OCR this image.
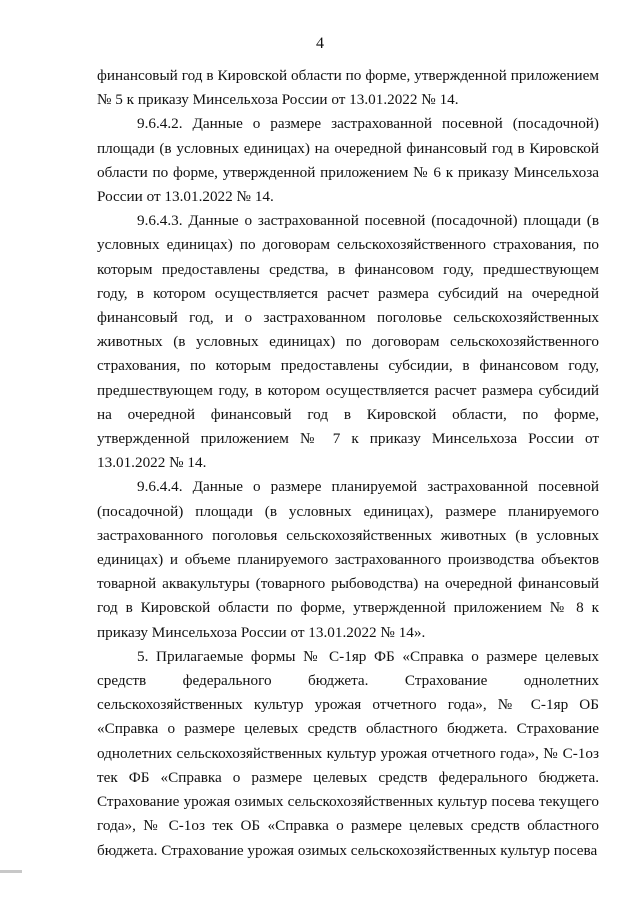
4

финансовый год в Кировской области по форме, утвержденной приложением № 5 к приказу Минсельхоза России от 13.01.2022 № 14.

9.6.4.2. Данные о размере застрахованной посевной (посадочной) площади (в условных единицах) на очередной финансовый год в Кировской области по форме, утвержденной приложением № 6 к приказу Минсельхоза России от 13.01.2022 № 14.

9.6.4.3. Данные о застрахованной посевной (посадочной) площади (в условных единицах) по договорам сельскохозяйственного страхования, по которым предоставлены средства, в финансовом году, предшествующем году, в котором осуществляется расчет размера субсидий на очередной финансовый год, и о застрахованном поголовье сельскохозяйственных животных (в условных единицах) по договорам сельскохозяйственного страхования, по которым предоставлены субсидии, в финансовом году, предшествующем году, в котором осуществляется расчет размера субсидий на очередной финансовый год в Кировской области, по форме, утвержденной приложением № 7 к приказу Минсельхоза России от 13.01.2022 № 14.

9.6.4.4. Данные о размере планируемой застрахованной посевной (посадочной) площади (в условных единицах), размере планируемого застрахованного поголовья сельскохозяйственных животных (в условных единицах) и объеме планируемого застрахованного производства объектов товарной аквакультуры (товарного рыбоводства) на очередной финансовый год в Кировской области по форме, утвержденной приложением № 8 к приказу Минсельхоза России от 13.01.2022 № 14».

5. Прилагаемые формы № С-1яр ФБ «Справка о размере целевых средств федерального бюджета. Страхование однолетних сельскохозяйственных культур урожая отчетного года», № С-1яр ОБ «Справка о размере целевых средств областного бюджета. Страхование однолетних сельскохозяйственных культур урожая отчетного года», № С-1оз тек ФБ «Справка о размере целевых средств федерального бюджета. Страхование урожая озимых сельскохозяйственных культур посева текущего года», № С-1оз тек ОБ «Справка о размере целевых средств областного бюджета. Страхование урожая озимых сельскохозяйственных культур посева
